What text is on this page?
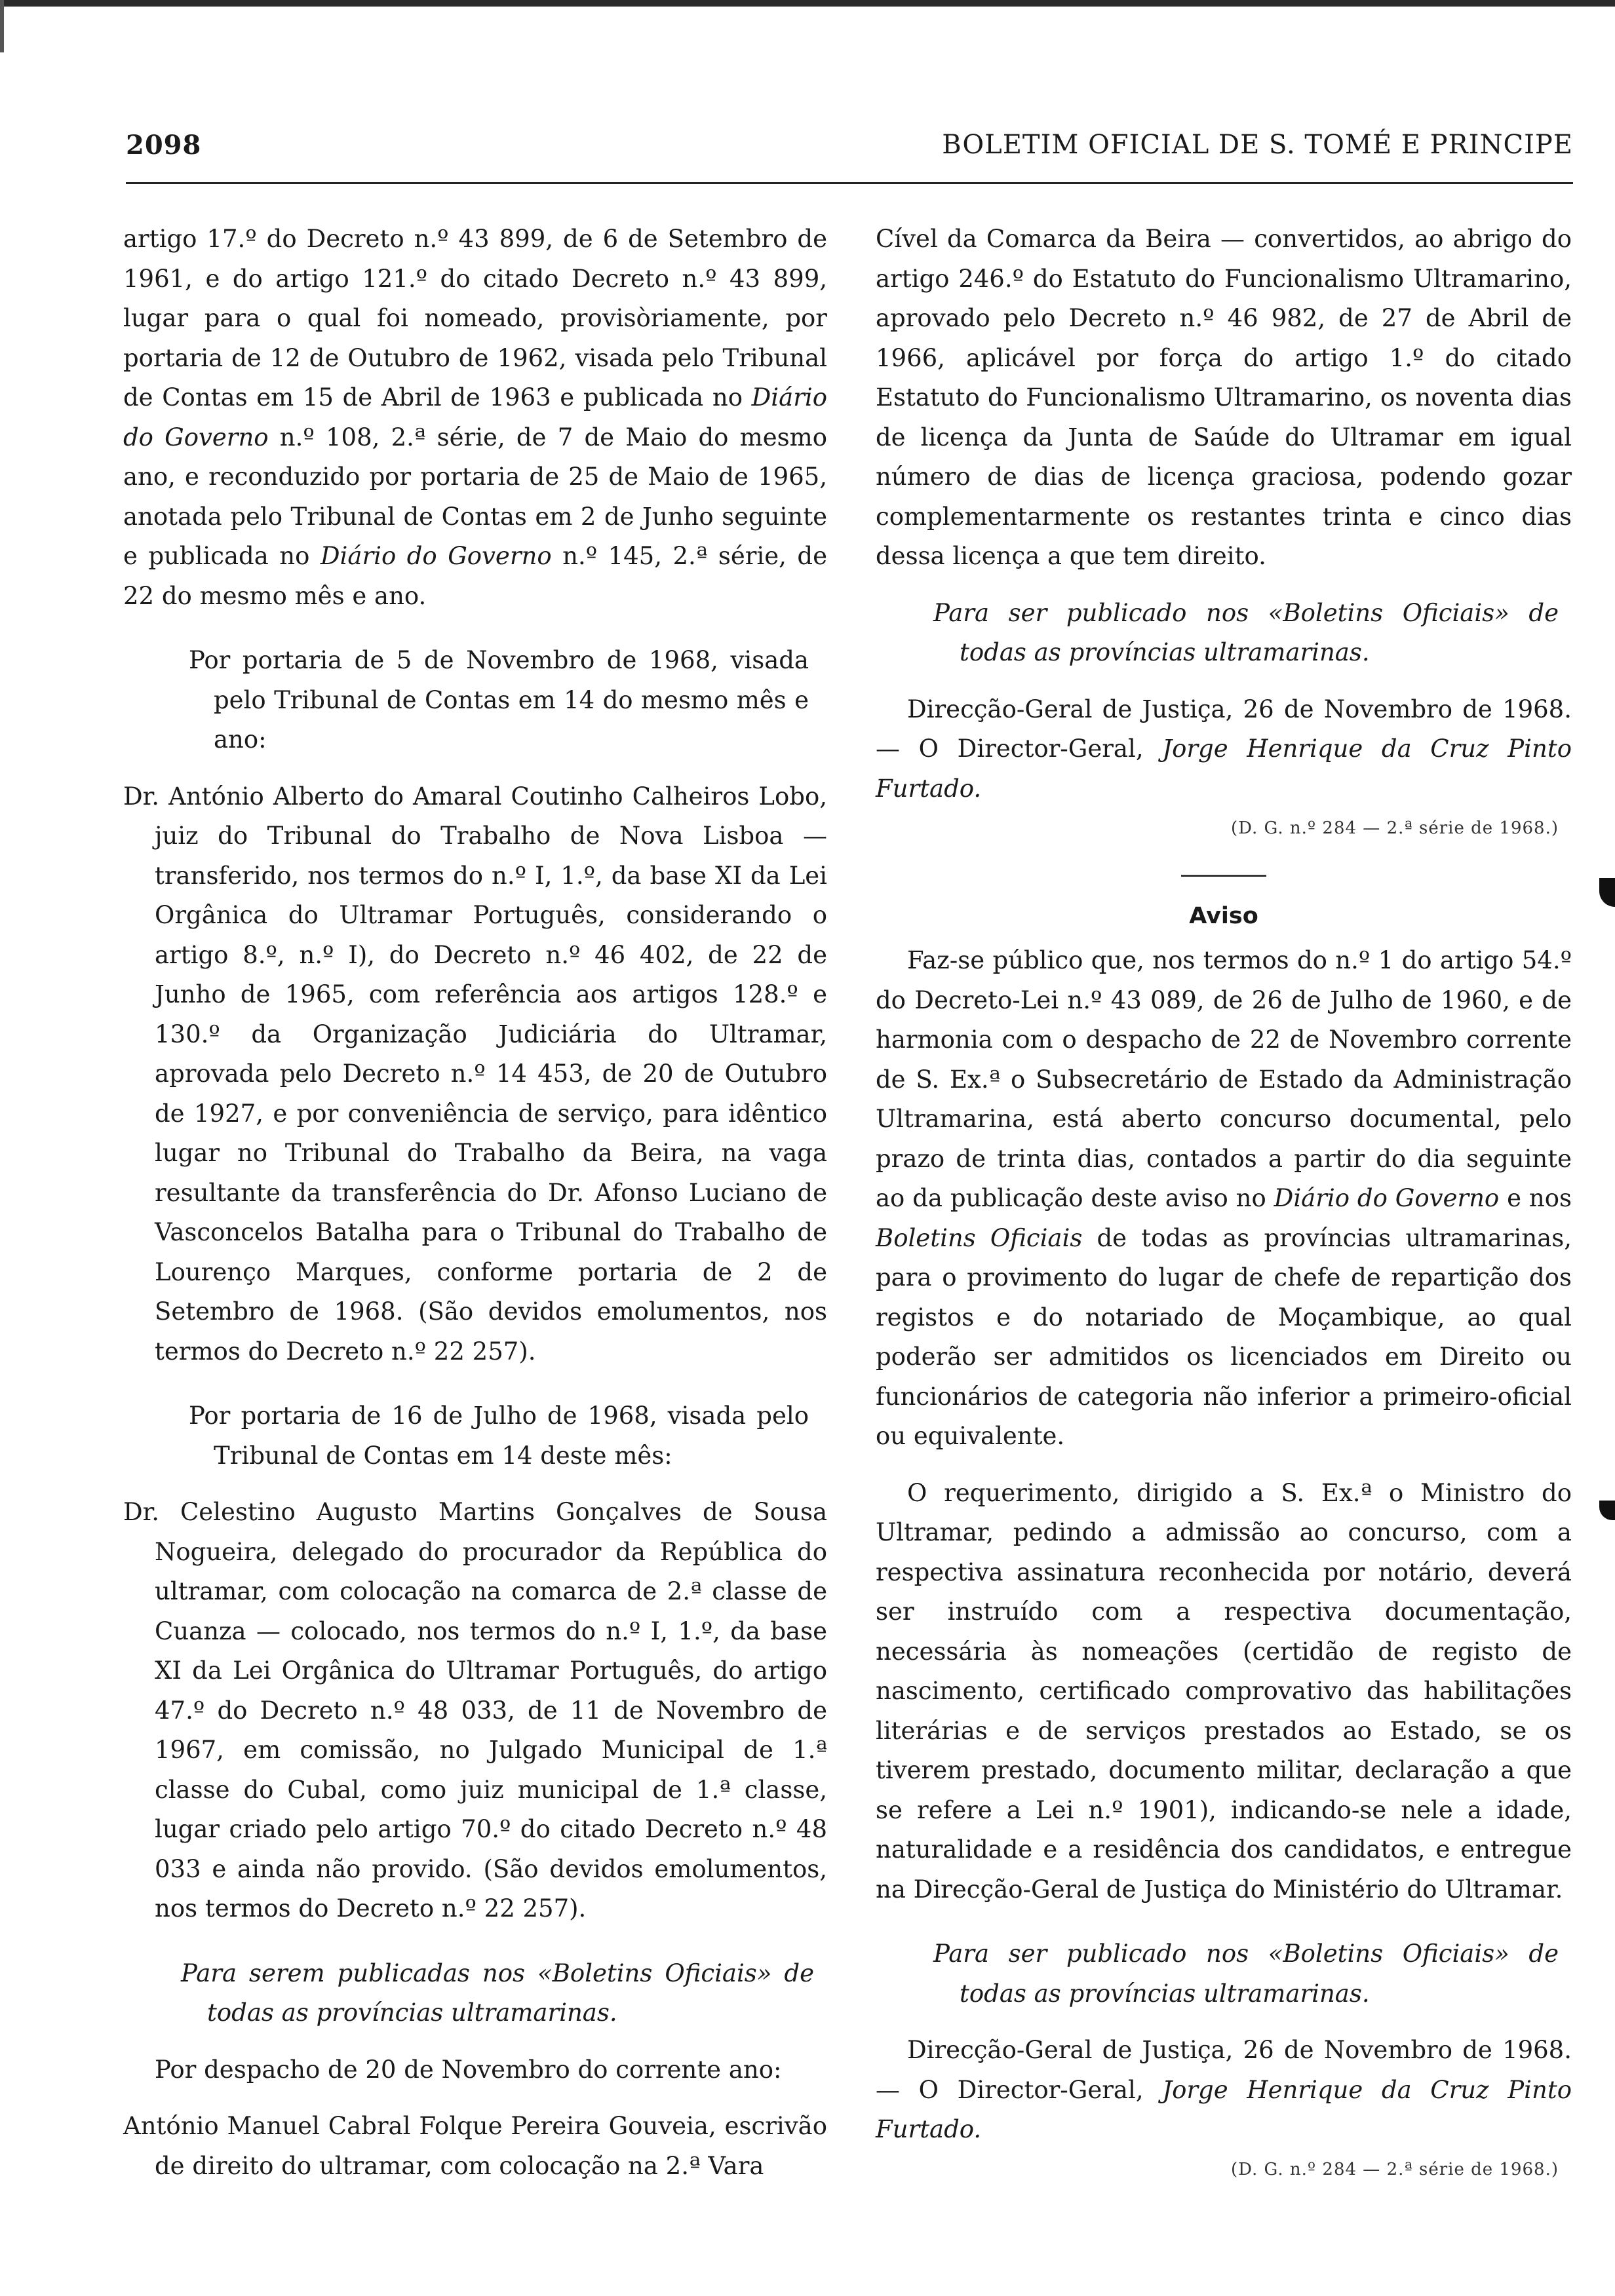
2098	BOLETIM OFICIAL DE S. TOMÉ E PRINCIPE

artigo 17.º do Decreto n.º 43 899, de 6 de Setembro de 1961, e do artigo 121.º do citado Decreto n.º 43 899, lugar para o qual foi nomeado, provisòriamente, por portaria de 12 de Outubro de 1962, visada pelo Tribunal de Contas em 15 de Abril de 1963 e publicada no Diário do Governo n.º 108, 2.ª série, de 7 de Maio do mesmo ano, e reconduzido por portaria de 25 de Maio de 1965, anotada pelo Tribunal de Contas em 2 de Junho seguinte e publicada no Diário do Governo n.º 145, 2.ª série, de 22 do mesmo mês e ano.

Por portaria de 5 de Novembro de 1968, visada pelo Tribunal de Contas em 14 do mesmo mês e ano:

Dr. António Alberto do Amaral Coutinho Calheiros Lobo, juiz do Tribunal do Trabalho de Nova Lisboa — transferido, nos termos do n.º I, 1.º, da base XI da Lei Orgânica do Ultramar Português, considerando o artigo 8.º, n.º I), do Decreto n.º 46 402, de 22 de Junho de 1965, com referência aos artigos 128.º e 130.º da Organização Judiciária do Ultramar, aprovada pelo Decreto n.º 14 453, de 20 de Outubro de 1927, e por conveniência de serviço, para idêntico lugar no Tribunal do Trabalho da Beira, na vaga resultante da transferência do Dr. Afonso Luciano de Vasconcelos Batalha para o Tribunal do Trabalho de Lourenço Marques, conforme portaria de 2 de Setembro de 1968. (São devidos emolumentos, nos termos do Decreto n.º 22 257).

Por portaria de 16 de Julho de 1968, visada pelo Tribunal de Contas em 14 deste mês:

Dr. Celestino Augusto Martins Gonçalves de Sousa Nogueira, delegado do procurador da República do ultramar, com colocação na comarca de 2.ª classe de Cuanza — colocado, nos termos do n.º I, 1.º, da base XI da Lei Orgânica do Ultramar Português, do artigo 47.º do Decreto n.º 48 033, de 11 de Novembro de 1967, em comissão, no Julgado Municipal de 1.ª classe do Cubal, como juiz municipal de 1.ª classe, lugar criado pelo artigo 70.º do citado Decreto n.º 48 033 e ainda não provido. (São devidos emolumentos, nos termos do Decreto n.º 22 257).

Para serem publicadas nos «Boletins Oficiais» de todas as províncias ultramarinas.

Por despacho de 20 de Novembro do corrente ano:

António Manuel Cabral Folque Pereira Gouveia, escrivão de direito do ultramar, com colocação na 2.ª Vara

Cível da Comarca da Beira — convertidos, ao abrigo do artigo 246.º do Estatuto do Funcionalismo Ultramarino, aprovado pelo Decreto n.º 46 982, de 27 de Abril de 1966, aplicável por força do artigo 1.º do citado Estatuto do Funcionalismo Ultramarino, os noventa dias de licença da Junta de Saúde do Ultramar em igual número de dias de licença graciosa, podendo gozar complementarmente os restantes trinta e cinco dias dessa licença a que tem direito.

Para ser publicado nos «Boletins Oficiais» de todas as províncias ultramarinas.

Direcção-Geral de Justiça, 26 de Novembro de 1968.— O Director-Geral, Jorge Henrique da Cruz Pinto Furtado.

(D. G. n.º 284 — 2.ª série de 1968.)

Aviso

Faz-se público que, nos termos do n.º 1 do artigo 54.º do Decreto-Lei n.º 43 089, de 26 de Julho de 1960, e de harmonia com o despacho de 22 de Novembro corrente de S. Ex.ª o Subsecretário de Estado da Administração Ultramarina, está aberto concurso documental, pelo prazo de trinta dias, contados a partir do dia seguinte ao da publicação deste aviso no Diário do Governo e nos Boletins Oficiais de todas as províncias ultramarinas, para o provimento do lugar de chefe de repartição dos registos e do notariado de Moçambique, ao qual poderão ser admitidos os licenciados em Direito ou funcionários de categoria não inferior a primeiro-oficial ou equivalente.

O requerimento, dirigido a S. Ex.ª o Ministro do Ultramar, pedindo a admissão ao concurso, com a respectiva assinatura reconhecida por notário, deverá ser instruído com a respectiva documentação, necessária às nomeações (certidão de registo de nascimento, certificado comprovativo das habilitações literárias e de serviços prestados ao Estado, se os tiverem prestado, documento militar, declaração a que se refere a Lei n.º 1901), indicando-se nele a idade, naturalidade e a residência dos candidatos, e entregue na Direcção-Geral de Justiça do Ministério do Ultramar.

Para ser publicado nos «Boletins Oficiais» de todas as províncias ultramarinas.

Direcção-Geral de Justiça, 26 de Novembro de 1968. — O Director-Geral, Jorge Henrique da Cruz Pinto Furtado.

(D. G. n.º 284 — 2.ª série de 1968.)
